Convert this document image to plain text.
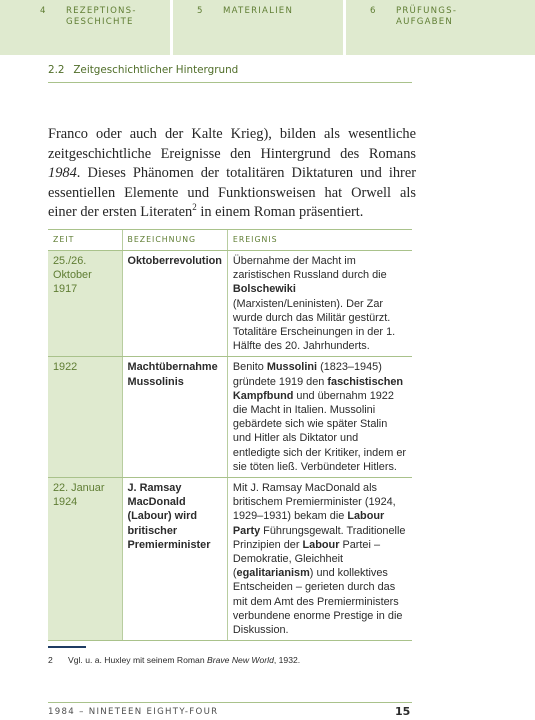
4	REZEPTIONS-
GESCHICHTE
5	MATERIALIEN	6	PRÜFUNGS-
AUFGABEN
2.2 Zeitgeschichtlicher Hintergrund

Franco oder auch der Kalte Krieg), bilden als wesentliche zeitgeschichtliche Ereignisse den Hintergrund des Romans 1984. Dieses Phänomen der totalitären Diktaturen und ihrer essentiellen Elemente und Funktionsweisen hat Orwell als einer der ersten Literaten$^2$ in einem Roman präsentiert.

ZEIT	BEZEICHNUNG	EREIGNIS
25./26. Oktober 1917	Oktoberrevolution	Übernahme der Macht im zaristischen Russland durch die Bolschewiki (Marxisten/Leninisten). Der Zar wurde durch das Militär gestürzt. Totalitäre Erscheinungen in der 1. Hälfte des 20. Jahrhunderts.
1922	Machtübernahme Mussolinis	Benito Mussolini (1823–1945) gründete 1919 den faschistischen Kampfbund und übernahm 1922 die Macht in Italien. Mussolini gebärdete sich wie später Stalin und Hitler als Diktator und entledigte sich der Kritiker, indem er sie töten ließ. Verbündeter Hitlers.
22. Januar 1924	J. Ramsay MacDonald (Labour) wird britischer Premierminister	Mit J. Ramsay MacDonald als britischem Premierminister (1924, 1929–1931) bekam die Labour Party Führungsgewalt. Traditionelle Prinzipien der Labour Partei – Demokratie, Gleichheit (egalitarianism) und kollektives Entscheiden – gerieten durch das mit dem Amt des Premierministers verbundene enorme Prestige in die Diskussion.
2 Vgl. u. a. Huxley mit seinem Roman Brave New World, 1932.
1984 – NINETEEN EIGHTY-FOUR	15
